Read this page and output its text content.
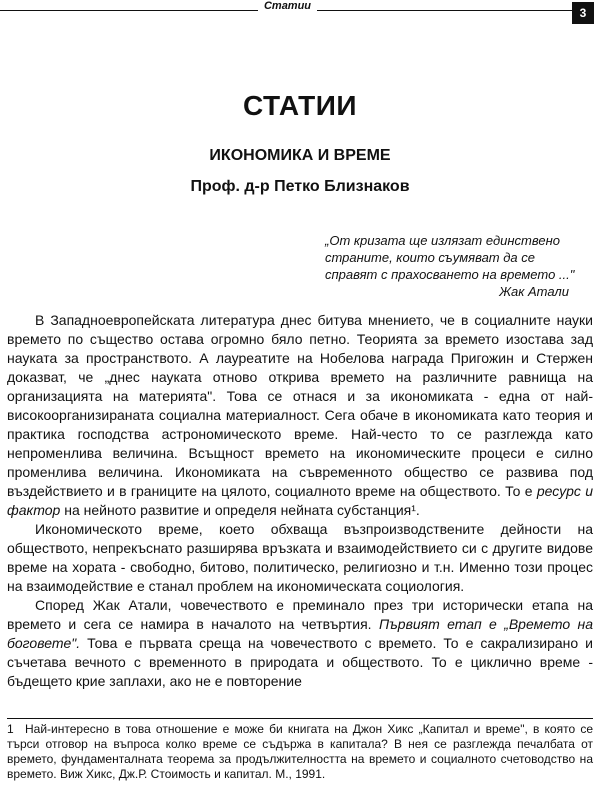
Статии	3
СТАТИИ
ИКОНОМИКА И ВРЕМЕ
Проф. д-р Петко Близнаков
„От кризата ще излязат единствено
страните, които съумяват да се
справят с прахосването на времето ..."
Жак Атали

В Западноевропейската литература днес битува мнението, че в социалните науки времето по същество остава огромно бяло петно. Теорията за времето изостава зад науката за пространството. А лауреатите на Нобелова награда Пригожин и Стержен доказват, че „днес науката отново открива времето на различните равнища на организацията на материята". Това се отнася и за икономиката - една от най-високоорганизираната социална материалност. Сега обаче в икономиката като теория и практика господства астрономическото време. Най-често то се разглежда като непроменлива величина. Всъщност времето на икономическите процеси е силно променлива величина. Икономиката на съвременното общество се развива под въздействието и в границите на цялото, социалното време на обществото. То е ресурс и фактор на нейното развитие и определя нейната субстанция¹.

Икономическото време, което обхваща възпроизводствените дейности на обществото, непрекъснато разширява връзката и взаимодействието си с другите видове време на хората - свободно, битово, политическо, религиозно и т.н. Именно този процес на взаимодействие е станал проблем на икономическата социология.

Според Жак Атали, човечеството е преминало през три исторически етапа на времето и сега се намира в началото на четвъртия. Първият етап е „Времето на боговете". Това е първата среща на човечеството с времето. То е сакрализирано и съчетава вечното с временното в природата и обществото. То е циклично време - бъдещето крие заплахи, ако не е повторение

1 Най-интересно в това отношение е може би книгата на Джон Хикс „Капитал и време", в която се търси отговор на въпроса колко време се съдържа в капитала? В нея се разглежда печалбата от времето, фундаменталната теорема за продължителността на времето и социалното счетоводство на времето. Виж Хикс, Дж.Р. Стоимость и капитал. М., 1991.
